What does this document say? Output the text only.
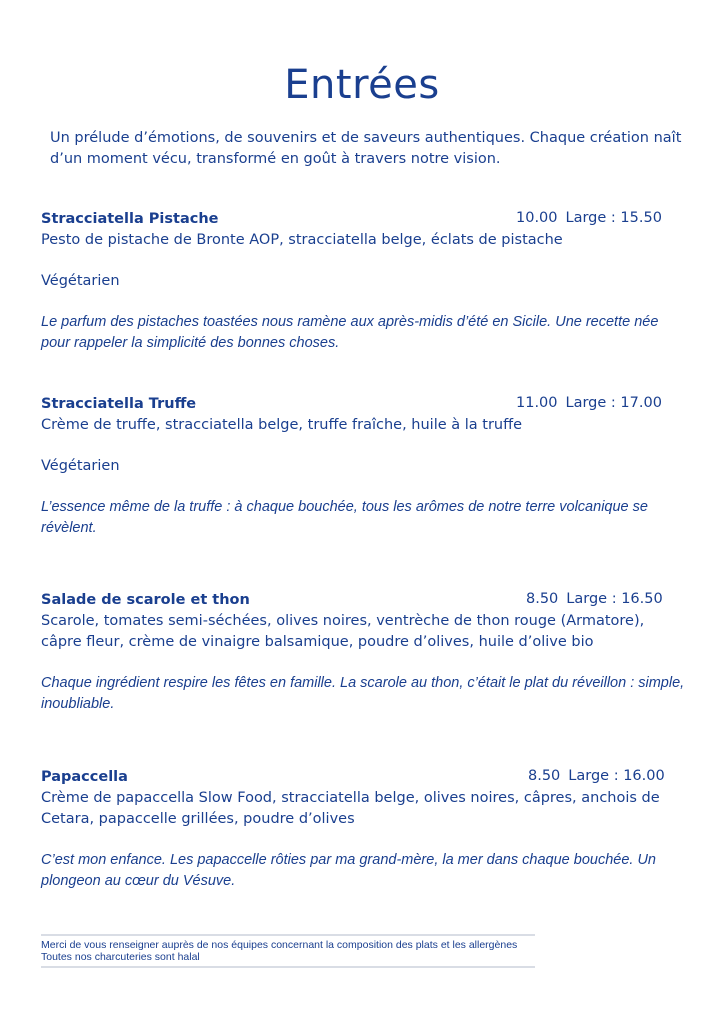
Entrées

Un prélude d’émotions, de souvenirs et de saveurs authentiques. Chaque création naît d’un moment vécu, transformé en goût à travers notre vision.

Stracciatella Pistache	10.00 Large : 15.50
Pesto de pistache de Bronte AOP, stracciatella belge, éclats de pistache
Végétarien
Le parfum des pistaches toastées nous ramène aux après-midis d’été en Sicile. Une recette née pour rappeler la simplicité des bonnes choses.
Stracciatella Truffe	11.00 Large : 17.00
Crème de truffe, stracciatella belge, truffe fraîche, huile à la truffe
Végétarien
L’essence même de la truffe : à chaque bouchée, tous les arômes de notre terre volcanique se révèlent.
Salade de scarole et thon	8.50 Large : 16.50
Scarole, tomates semi-séchées, olives noires, ventrèche de thon rouge (Armatore), câpre fleur, crème de vinaigre balsamique, poudre d’olives, huile d’olive bio
Chaque ingrédient respire les fêtes en famille. La scarole au thon, c’était le plat du réveillon : simple, inoubliable.
Papaccella	8.50 Large : 16.00
Crème de papaccella Slow Food, stracciatella belge, olives noires, câpres, anchois de Cetara, papaccelle grillées, poudre d’olives
C’est mon enfance. Les papaccelle rôties par ma grand-mère, la mer dans chaque bouchée. Un plongeon au cœur du Vésuve.
Merci de vous renseigner auprès de nos équipes concernant la composition des plats et les allergènes
Toutes nos charcuteries sont halal
